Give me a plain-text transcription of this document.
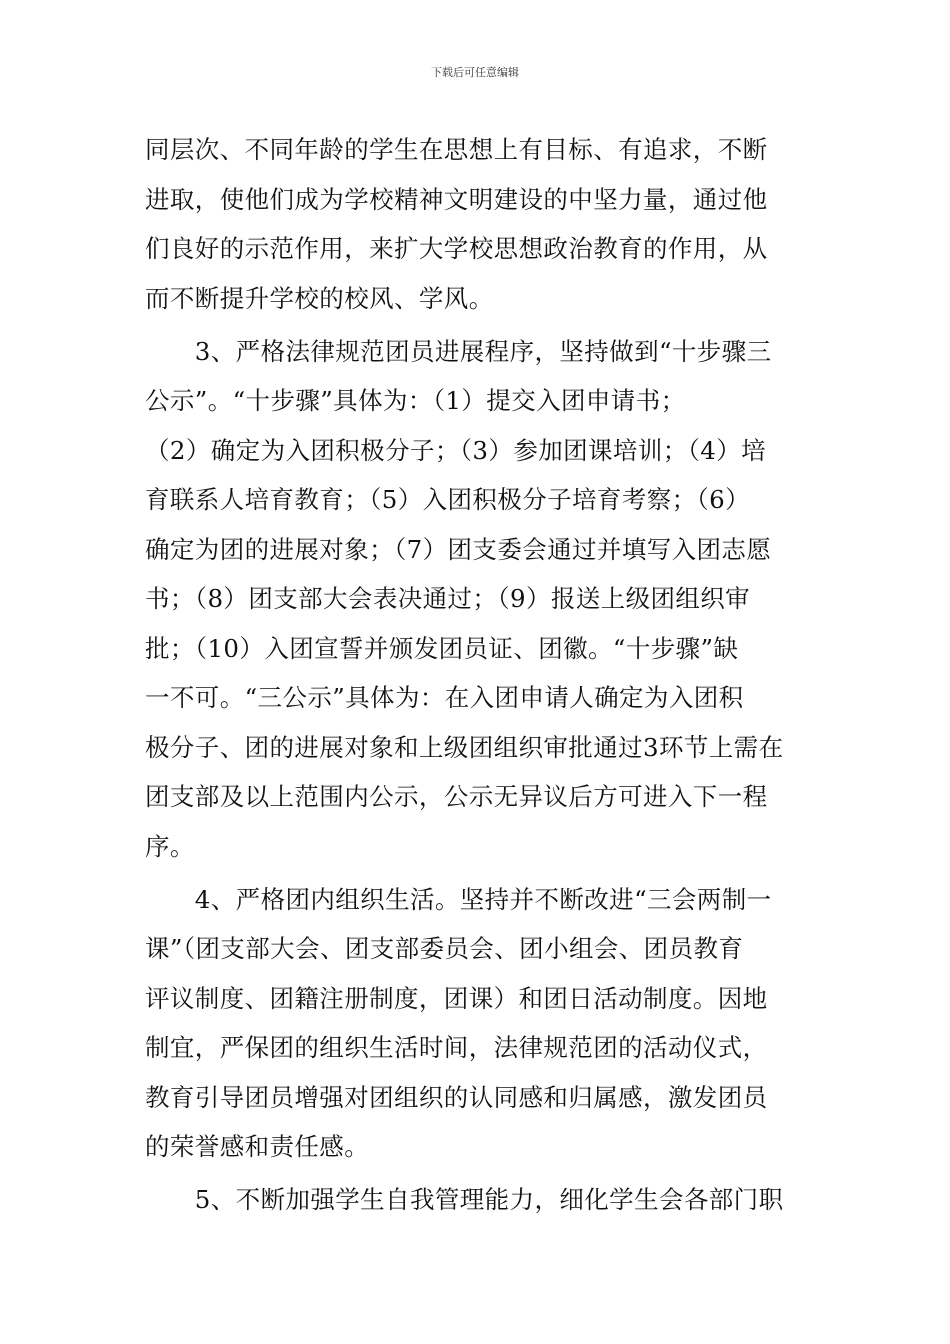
下载后可任意编辑
同层次、不同年龄的学生在思想上有目标、有追求，不断
进取，使他们成为学校精神文明建设的中坚力量，通过他
们良好的示范作用，来扩大学校思想政治教育的作用，从
而不断提升学校的校风、学风。
　　3、严格法律规范团员进展程序，坚持做到“十步骤三
公示”。“十步骤”具体为：（1）提交入团申请书；
（2）确定为入团积极分子；（3）参加团课培训；（4）培
育联系人培育教育；（5）入团积极分子培育考察；（6）
确定为团的进展对象；（7）团支委会通过并填写入团志愿
书；（8）团支部大会表决通过；（9）报送上级团组织审
批；（10）入团宣誓并颁发团员证、团徽。“十步骤”缺
一不可。“三公示”具体为：在入团申请人确定为入团积
极分子、团的进展对象和上级团组织审批通过3环节上需在
团支部及以上范围内公示，公示无异议后方可进入下一程
序。
　　4、严格团内组织生活。坚持并不断改进“三会两制一
课”（团支部大会、团支部委员会、团小组会、团员教育
评议制度、团籍注册制度，团课）和团日活动制度。因地
制宜，严保团的组织生活时间，法律规范团的活动仪式，
教育引导团员增强对团组织的认同感和归属感，激发团员
的荣誉感和责任感。
　　5、不断加强学生自我管理能力，细化学生会各部门职
